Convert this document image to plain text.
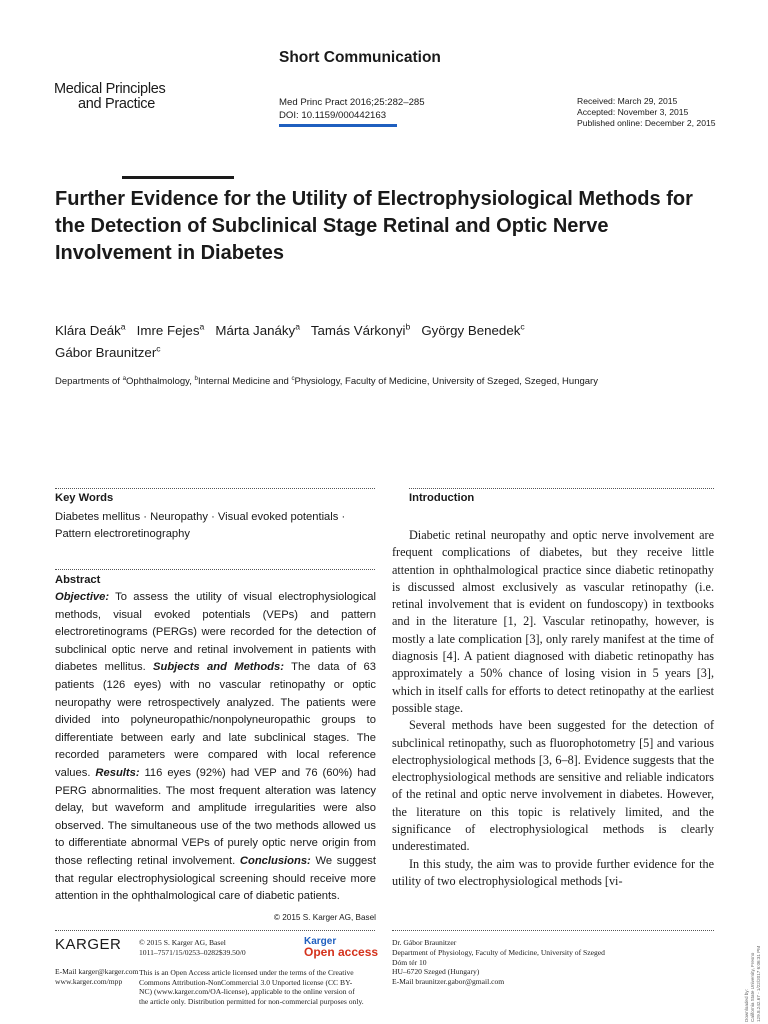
Short Communication
Medical Principles
and Practice	Med Princ Pract 2016;25:282–285
DOI: 10.1159/000442163
Received: March 29, 2015
Accepted: November 3, 2015
Published online: December 2, 2015
Further Evidence for the Utility of Electrophysiological Methods for the Detection of Subclinical Stage Retinal and Optic Nerve Involvement in Diabetes
Klára Deák$^a$ Imre Fejes$^a$ Márta Janáky$^a$ Tamás Várkonyi$^b$ György Benedek$^c$
Gábor Braunitzer$^c$
Departments of $^a$Ophthalmology, $^b$Internal Medicine and $^c$Physiology, Faculty of Medicine, University of Szeged, Szeged, Hungary
Key Words
Diabetes mellitus · Neuropathy · Visual evoked potentials · Pattern electroretinography
Abstract
Objective: To assess the utility of visual electrophysiological methods, visual evoked potentials (VEPs) and pattern electroretinograms (PERGs) were recorded for the detection of subclinical optic nerve and retinal involvement in patients with diabetes mellitus. Subjects and Methods: The data of 63 patients (126 eyes) with no vascular retinopathy or optic neuropathy were retrospectively analyzed. The patients were divided into polyneuropathic/nonpolyneuropathic groups to differentiate between early and late subclinical stages. The recorded parameters were compared with local reference values. Results: 116 eyes (92%) had VEP and 76 (60%) had PERG abnormalities. The most frequent alteration was latency delay, but waveform and amplitude irregularities were also observed. The simultaneous use of the two methods allowed us to differentiate abnormal VEPs of purely optic nerve origin from those reflecting retinal involvement. Conclusions: We suggest that regular electrophysiological screening should receive more attention in the ophthalmological care of diabetic patients.
© 2015 S. Karger AG, Basel
Introduction

Diabetic retinal neuropathy and optic nerve involvement are frequent complications of diabetes, but they receive little attention in ophthalmological practice since diabetic retinopathy is discussed almost exclusively as vascular retinopathy (i.e. retinal involvement that is evident on fundoscopy) in textbooks and in the literature [1, 2]. Vascular retinopathy, however, is mostly a late complication [3], only rarely manifest at the time of diagnosis [4]. A patient diagnosed with diabetic retinopathy has approximately a 50% chance of losing vision in 5 years [3], which in itself calls for efforts to detect retinopathy at the earliest possible stage.

Several methods have been suggested for the detection of subclinical retinopathy, such as fluorophotometry [5] and various electrophysiological methods [3, 6–8]. Evidence suggests that the electrophysiological methods are sensitive and reliable indicators of the retinal and optic nerve involvement in diabetes. However, the literature on this topic is relatively limited, and the significance of electrophysiological methods is clearly underestimated.

In this study, the aim was to provide further evidence for the utility of two electrophysiological methods [vi-

KARGER
E-Mail karger@karger.com
www.karger.com/mpp
© 2015 S. Karger AG, Basel
1011–7571/15/0253–0282$39.50/0
Karger
Open access
This is an Open Access article licensed under the terms of the Creative Commons Attribution-NonCommercial 3.0 Unported license (CC BY-NC) (www.karger.com/OA-license), applicable to the online version of the article only. Distribution permitted for non-commercial purposes only.
Dr. Gábor Braunitzer
Department of Physiology, Faculty of Medicine, University of Szeged
Dóm tér 10
HU–6720 Szeged (Hungary)
E-Mail braunitzer.gabor@gmail.com
Downloaded by: California State University, Fresno 129.8.242.67 - 1/22/2017 6:06:31 PM
